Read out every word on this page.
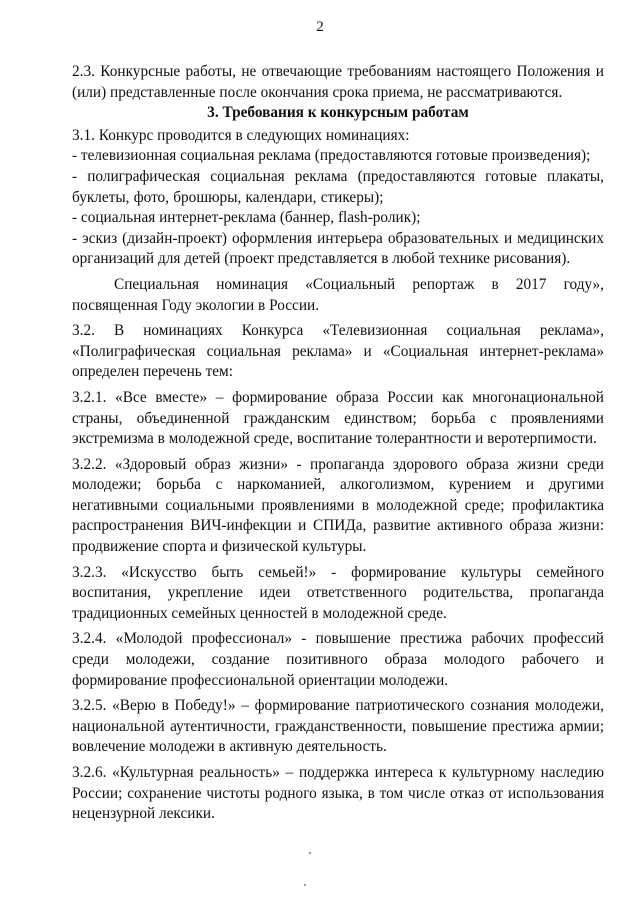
2

2.3. Конкурсные работы, не отвечающие требованиям настоящего Положения и (или) представленные после окончания срока приема, не рассматриваются.

3. Требования к конкурсным работам

3.1. Конкурс проводится в следующих номинациях:

- телевизионная социальная реклама (предоставляются готовые произведения);

- полиграфическая социальная реклама (предоставляются готовые плакаты, буклеты, фото, брошюры, календари, стикеры);

- социальная интернет-реклама (баннер, flash-ролик);

- эскиз (дизайн-проект) оформления интерьера образовательных и медицинских организаций для детей (проект представляется в любой технике рисования).

Специальная номинация «Социальный репортаж в 2017 году», посвященная Году экологии в России.

3.2. В номинациях Конкурса «Телевизионная социальная реклама», «Полиграфическая социальная реклама» и «Социальная интернет-реклама» определен перечень тем:

3.2.1. «Все вместе» – формирование образа России как многонациональной страны, объединенной гражданским единством; борьба с проявлениями экстремизма в молодежной среде, воспитание толерантности и веротерпимости.

3.2.2. «Здоровый образ жизни» - пропаганда здорового образа жизни среди молодежи; борьба с наркоманией, алкоголизмом, курением и другими негативными социальными проявлениями в молодежной среде; профилактика распространения ВИЧ-инфекции и СПИДа, развитие активного образа жизни: продвижение спорта и физической культуры.

3.2.3. «Искусство быть семьей!» - формирование культуры семейного воспитания, укрепление идеи ответственного родительства, пропаганда традиционных семейных ценностей в молодежной среде.

3.2.4. «Молодой профессионал» - повышение престижа рабочих профессий среди молодежи, создание позитивного образа молодого рабочего и формирование профессиональной ориентации молодежи.

3.2.5. «Верю в Победу!» – формирование патриотического сознания молодежи, национальной аутентичности, гражданственности, повышение престижа армии; вовлечение молодежи в активную деятельность.

3.2.6. «Культурная реальность» – поддержка интереса к культурному наследию России; сохранение чистоты родного языка, в том числе отказ от использования нецензурной лексики.
